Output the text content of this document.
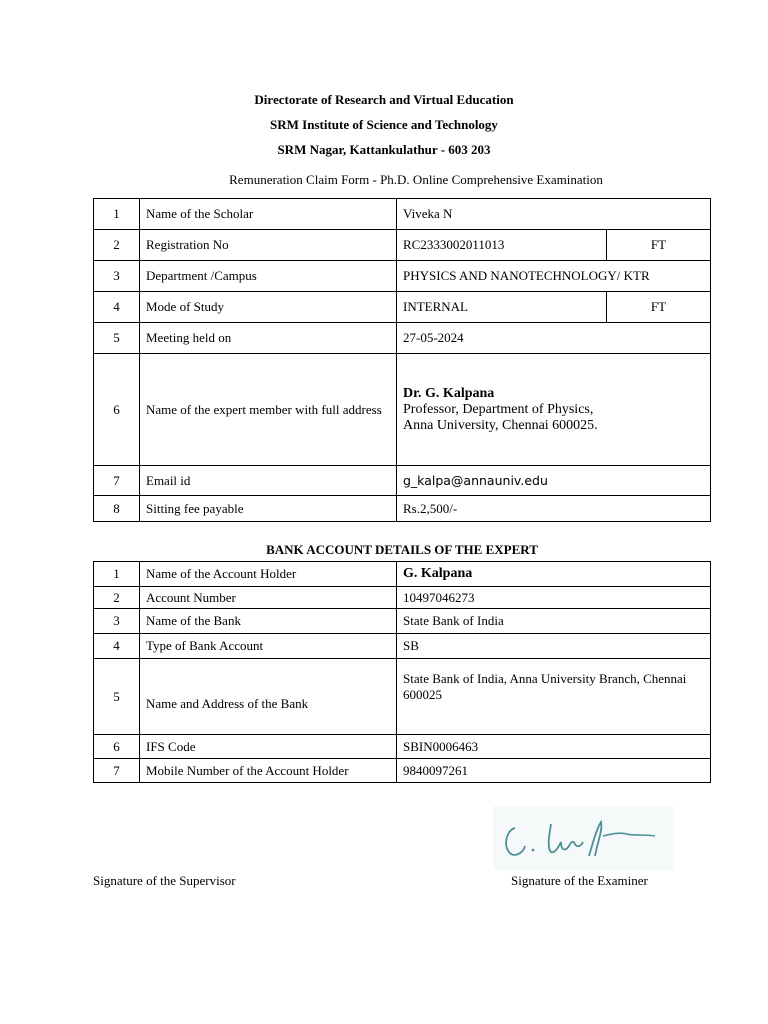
Directorate of Research and Virtual Education
SRM Institute of Science and Technology
SRM Nagar, Kattankulathur - 603 203
Remuneration Claim Form - Ph.D. Online Comprehensive Examination
1	Name of the Scholar	Viveka N	
2	Registration No	RC2333002011013	FT
3	Department /Campus	PHYSICS AND NANOTECHNOLOGY/ KTR	
4	Mode of Study	INTERNAL	FT
5	Meeting held on	27-05-2024	
6	Name of the expert member with full address	Dr. G. Kalpana
Professor, Department of Physics,
Anna University, Chennai 600025.	

7	Email id	g_kalpa@annauniv.edu	
8	Sitting fee payable	Rs.2,500/-	
BANK ACCOUNT DETAILS OF THE EXPERT
1	Name of the Account Holder	G. Kalpana
2	Account Number	10497046273
3	Name of the Bank	State Bank of India
4	Type of Bank Account	SB
5	Name and Address of the Bank	State Bank of India, Anna University Branch, Chennai 600025
6	IFS Code	SBIN0006463
7	Mobile Number of the Account Holder	9840097261
Signature of the Supervisor	Signature of the Examiner
